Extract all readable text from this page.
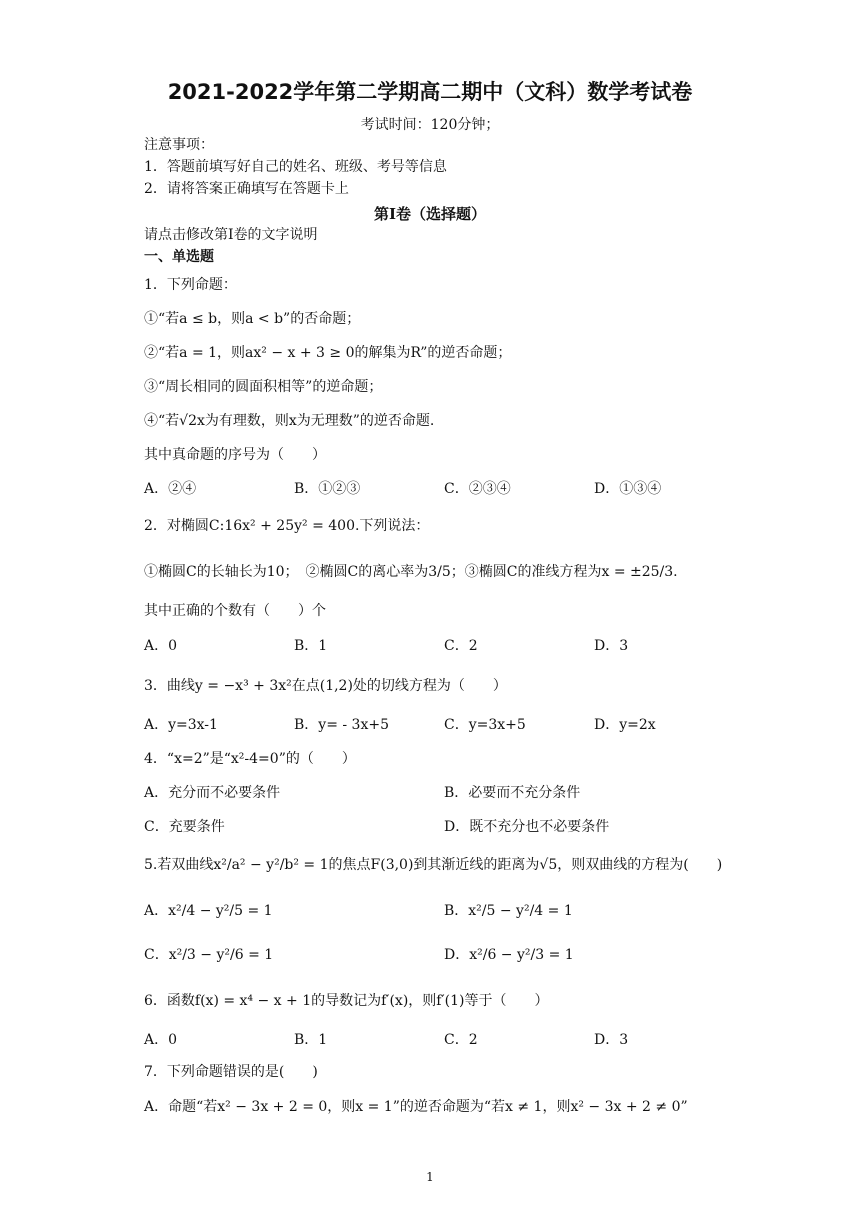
2021-2022学年第二学期高二期中（文科）数学考试卷
考试时间：120分钟；
注意事项：
1．答题前填写好自己的姓名、班级、考号等信息
2．请将答案正确填写在答题卡上
第I卷（选择题）
请点击修改第I卷的文字说明
一、单选题
1．下列命题：
①“若a ≤ b，则a < b”的否命题；
②“若a = 1，则ax² − x + 3 ≥ 0的解集为R”的逆否命题；
③“周长相同的圆面积相等”的逆命题；
④“若√2x为有理数，则x为无理数”的逆否命题.
其中真命题的序号为（　　）
A．②④	B．①②③	C．②③④	D．①③④
2．对椭圆C:16x² + 25y² = 400.下列说法：
①椭圆C的长轴长为10；　②椭圆C的离心率为3/5；③椭圆C的准线方程为x = ±25/3.
其中正确的个数有（　　）个
A．0	B．1	C．2	D．3
3．曲线y = −x³ + 3x²在点(1,2)处的切线方程为（　　）
A．y=3x-1	B．y= - 3x+5	C．y=3x+5	D．y=2x
4．“x=2”是“x²-4=0”的（　　）
A．充分而不必要条件	B．必要而不充分条件
C．充要条件	D．既不充分也不必要条件
5.若双曲线x²/a² − y²/b² = 1的焦点F(3,0)到其渐近线的距离为√5，则双曲线的方程为(　　)
A．x²/4 − y²/5 = 1	B．x²/5 − y²/4 = 1
C．x²/3 − y²/6 = 1	D．x²/6 − y²/3 = 1
6．函数f(x) = x⁴ − x + 1的导数记为f′(x)，则f′(1)等于（　　）
A．0	B．1	C．2	D．3
7．下列命题错误的是(　　)
A．命题“若x² − 3x + 2 = 0，则x = 1”的逆否命题为“若x ≠ 1，则x² − 3x + 2 ≠ 0”
1
